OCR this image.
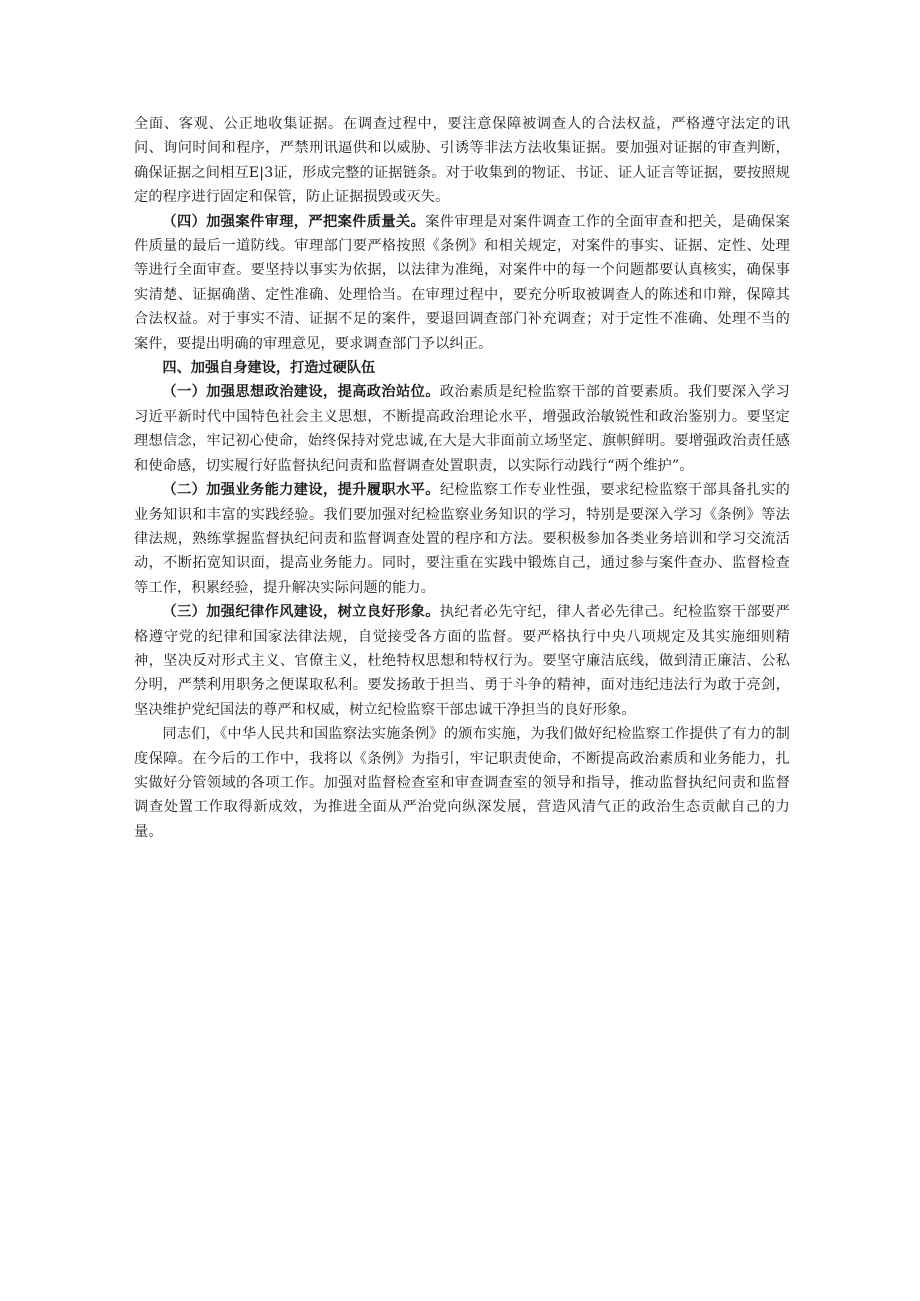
全面、客观、公正地收集证据。在调查过程中，要注意保障被调查人的合法权益，严格遵守法定的讯问、询问时间和程序，严禁刑讯逼供和以威胁、引诱等非法方法收集证据。要加强对证据的审查判断，确保证据之间相互E|3证，形成完整的证据链条。对于收集到的物证、书证、证人证言等证据，要按照规定的程序进行固定和保管，防止证据损毁或灭失。

（四）加强案件审理，严把案件质量关。案件审理是对案件调查工作的全面审查和把关，是确保案件质量的最后一道防线。审理部门要严格按照《条例》和相关规定，对案件的事实、证据、定性、处理等进行全面审查。要坚持以事实为依据，以法律为准绳，对案件中的每一个问题都要认真核实，确保事实清楚、证据确凿、定性准确、处理恰当。在审理过程中，要充分听取被调查人的陈述和巾辩，保障其合法权益。对于事实不清、证据不足的案件，要退回调查部门补充调查；对于定性不准确、处理不当的案件，要提出明确的审理意见，要求调查部门予以纠正。

四、加强自身建设，打造过硬队伍

（一）加强思想政治建设，提高政治站位。政治素质是纪检监察干部的首要素质。我们要深入学习习近平新时代中国特色社会主义思想，不断提高政治理论水平，增强政治敏锐性和政治鉴别力。要坚定理想信念，牢记初心使命，始终保持对党忠诚,在大是大非面前立场坚定、旗帜鲜明。要增强政治责任感和使命感，切实履行好监督执纪问责和监督调查处置职责，以实际行动践行“两个维护”。

（二）加强业务能力建设，提升履职水平。纪检监察工作专业性强，要求纪检监察干部具备扎实的业务知识和丰富的实践经验。我们要加强对纪检监察业务知识的学习，特别是要深入学习《条例》等法律法规，熟练掌握监督执纪问责和监督调查处置的程序和方法。要积极参加各类业务培训和学习交流活动，不断拓宽知识面，提高业务能力。同时，要注重在实践中锻炼自己，通过参与案件查办、监督检查等工作，积累经验，提升解决实际问题的能力。

（三）加强纪律作风建设，树立良好形象。执纪者必先守纪，律人者必先律己。纪检监察干部要严格遵守党的纪律和国家法律法规，自觉接受各方面的监督。要严格执行中央八项规定及其实施细则精神，坚决反对形式主义、官僚主义，杜绝特权思想和特权行为。要坚守廉洁底线，做到清正廉洁、公私分明，严禁利用职务之便谋取私利。要发扬敢于担当、勇于斗争的精神，面对违纪违法行为敢于亮剑，坚决维护党纪国法的尊严和权威，树立纪检监察干部忠诚干净担当的良好形象。

同志们，《中华人民共和国监察法实施条例》的颁布实施，为我们做好纪检监察工作提供了有力的制度保障。在今后的工作中，我将以《条例》为指引，牢记职责使命，不断提高政治素质和业务能力，扎实做好分管领域的各项工作。加强对监督检查室和审查调查室的领导和指导，推动监督执纪问责和监督调查处置工作取得新成效，为推进全面从严治党向纵深发展，营造风清气正的政治生态贡献自己的力量。
